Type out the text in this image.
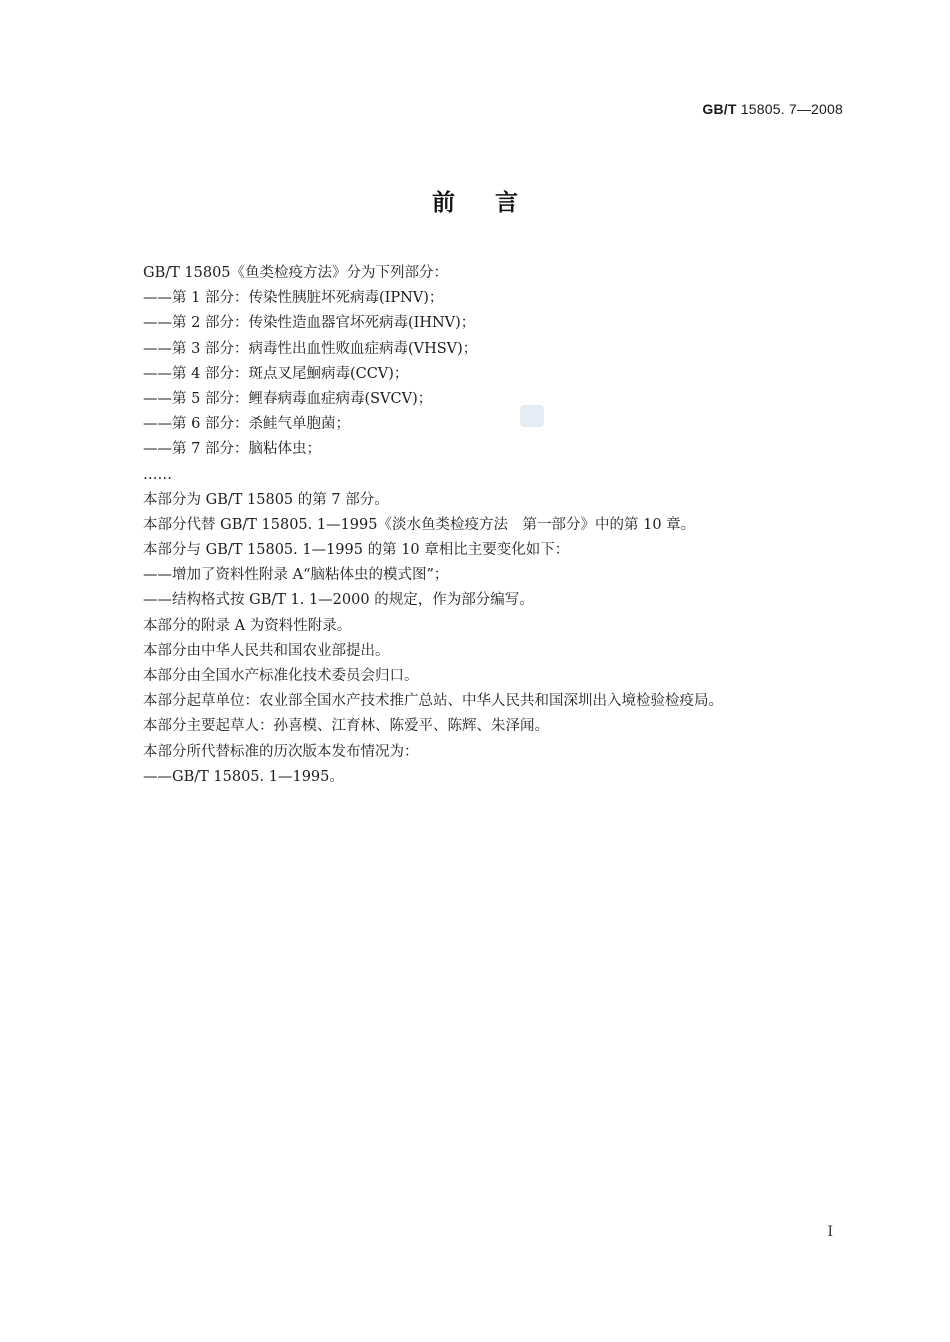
GB/T 15805. 7—2008
前言
GB/T 15805《鱼类检疫方法》分为下列部分：
——第 1 部分：传染性胰脏坏死病毒(IPNV)；
——第 2 部分：传染性造血器官坏死病毒(IHNV)；
——第 3 部分：病毒性出血性败血症病毒(VHSV)；
——第 4 部分：斑点叉尾鮰病毒(CCV)；
——第 5 部分：鲤春病毒血症病毒(SVCV)；
——第 6 部分：杀鲑气单胞菌；
——第 7 部分：脑粘体虫；
……
本部分为 GB/T 15805 的第 7 部分。
本部分代替 GB/T 15805. 1—1995《淡水鱼类检疫方法　第一部分》中的第 10 章。
本部分与 GB/T 15805. 1—1995 的第 10 章相比主要变化如下：
——增加了资料性附录 A“脑粘体虫的模式图”；
——结构格式按 GB/T 1. 1—2000 的规定，作为部分编写。
本部分的附录 A 为资料性附录。
本部分由中华人民共和国农业部提出。
本部分由全国水产标准化技术委员会归口。
本部分起草单位：农业部全国水产技术推广总站、中华人民共和国深圳出入境检验检疫局。
本部分主要起草人：孙喜模、江育林、陈爱平、陈辉、朱泽闻。
本部分所代替标准的历次版本发布情况为：
——GB/T 15805. 1—1995。
I
